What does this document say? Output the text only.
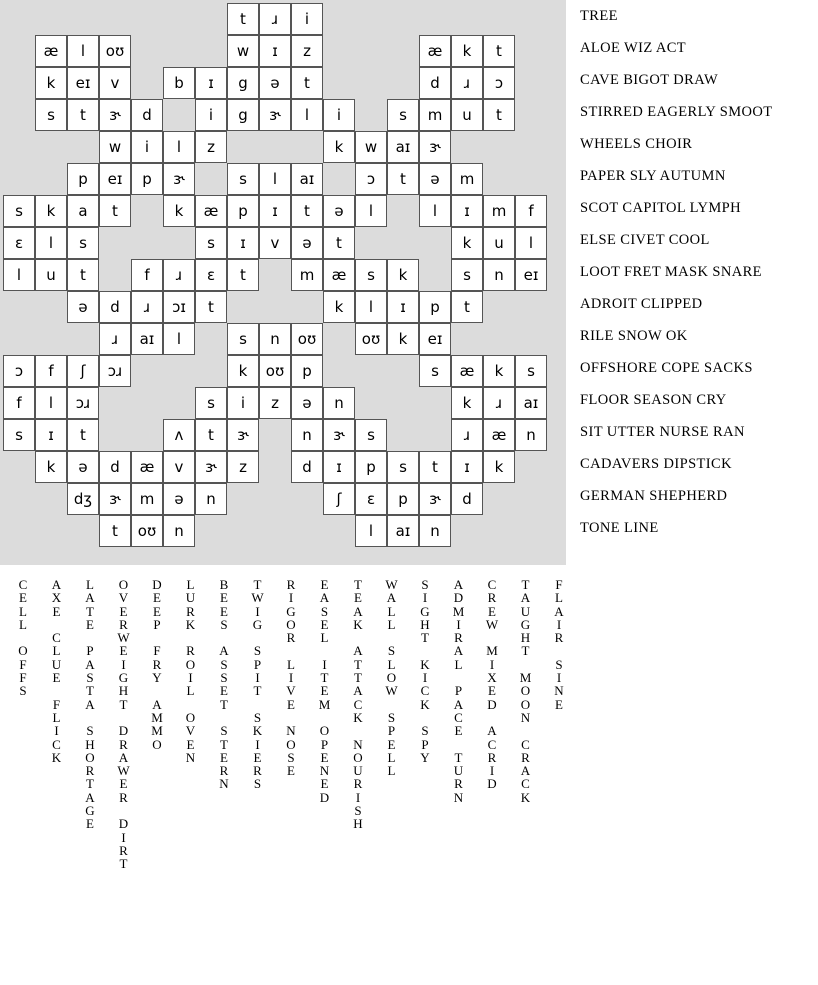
t	ɹ	i
æ	l	oʊ	w	ɪ	z	æ	k	t
k	eɪ	v	b	ɪ	g	ə	t	d	ɹ	ɔ
s	t	ɝ	d	i	g	ɝ	l	i	s	m	u	t
w	i	l	z	k	w	aɪ	ɝ
p	eɪ	p	ɝ	s	l	aɪ	ɔ	t	ə	m
s	k	a	t	k	æ	p	ɪ	t	ə	l	l	ɪ	m	f
ɛ	l	s	s	ɪ	v	ə	t	k	u	l
l	u	t	f	ɹ	ɛ	t	m	æ	s	k	s	n	eɪ
ə	d	ɹ	ɔɪ	t	k	l	ɪ	p	t
ɹ	aɪ	l	s	n	oʊ	oʊ	k	eɪ
ɔ	f	ʃ	ɔɹ	k	oʊ	p	s	æ	k	s
f	l	ɔɹ	s	i	z	ə	n	k	ɹ	aɪ
s	ɪ	t	ʌ	t	ɝ	n	ɝ	s	ɹ	æ	n
k	ə	d	æ	v	ɝ	z	d	ɪ	p	s	t	ɪ	k
dʒ	ɝ	m	ə	n	ʃ	ɛ	p	ɝ	d
t	oʊ	n	l	aɪ	n
TREE
ALOE WIZ ACT
CAVE BIGOT DRAW
STIRRED EAGERLY SMOOT
WHEELS CHOIR
PAPER SLY AUTUMN
SCOT CAPITOL LYMPH
ELSE CIVET COOL
LOOT FRET MASK SNARE
ADROIT CLIPPED
RILE SNOW OK
OFFSHORE COPE SACKS
FLOOR SEASON CRY
SIT UTTER NURSE RAN
CADAVERS DIPSTICK
GERMAN SHEPHERD
TONE LINE
C
E
L
L
O
F
F
S
A
X
E
C
L
U
E
F
L
I
C
K
L
A
T
E
P
A
S
T
A
S
H
O
R
T
A
G
E
O
V
E
R
W
E
I
G
H
T
D
R
A
W
E
R
D
I
R
T
D
E
E
P
F
R
Y
A
M
M
O
L
U
R
K
R
O
I
L
O
V
E
N
B
E
E
S
A
S
S
E
T
S
T
E
R
N
T
W
I
G
S
P
I
T
S
K
I
E
R
S
R
I
G
O
R
L
I
V
E
N
O
S
E
E
A
S
E
L
I
T
E
M
O
P
E
N
E
D
T
E
A
K
A
T
T
A
C
K
N
O
U
R
I
S
H
W
A
L
L
S
L
O
W
S
P
E
L
L
S
I
G
H
T
K
I
C
K
S
P
Y
A
D
M
I
R
A
L
P
A
C
E
T
U
R
N
C
R
E
W
M
I
X
E
D
A
C
R
I
D
T
A
U
G
H
T
M
O
O
N
C
R
A
C
K
F
L
A
I
R
S
I
N
E
